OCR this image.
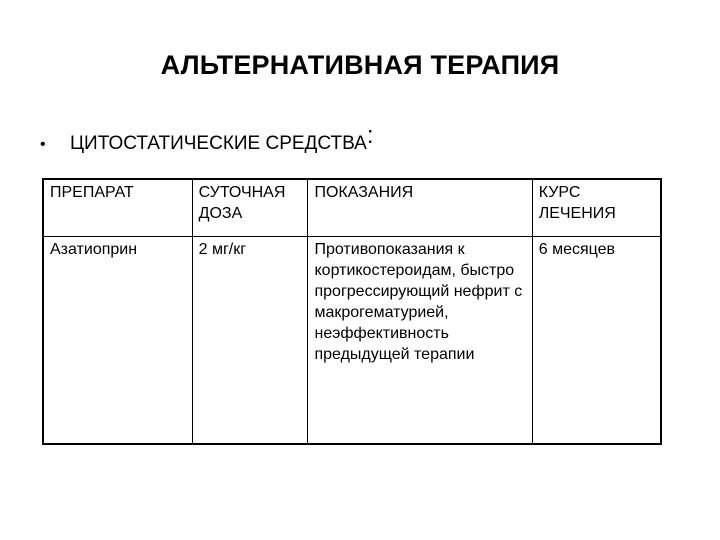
АЛЬТЕРНАТИВНАЯ ТЕРАПИЯ
•	ЦИТОСТАТИЧЕСКИЕ СРЕДСТВА :
ПРЕПАРАТ	СУТОЧНАЯ ДОЗА	ПОКАЗАНИЯ	КУРС ЛЕЧЕНИЯ
Азатиоприн	2 мг/кг	Противопоказания к кортикостероидам, быстро прогрессирующий нефрит с макрогематурией, неэффективность предыдущей терапии	6 месяцев
